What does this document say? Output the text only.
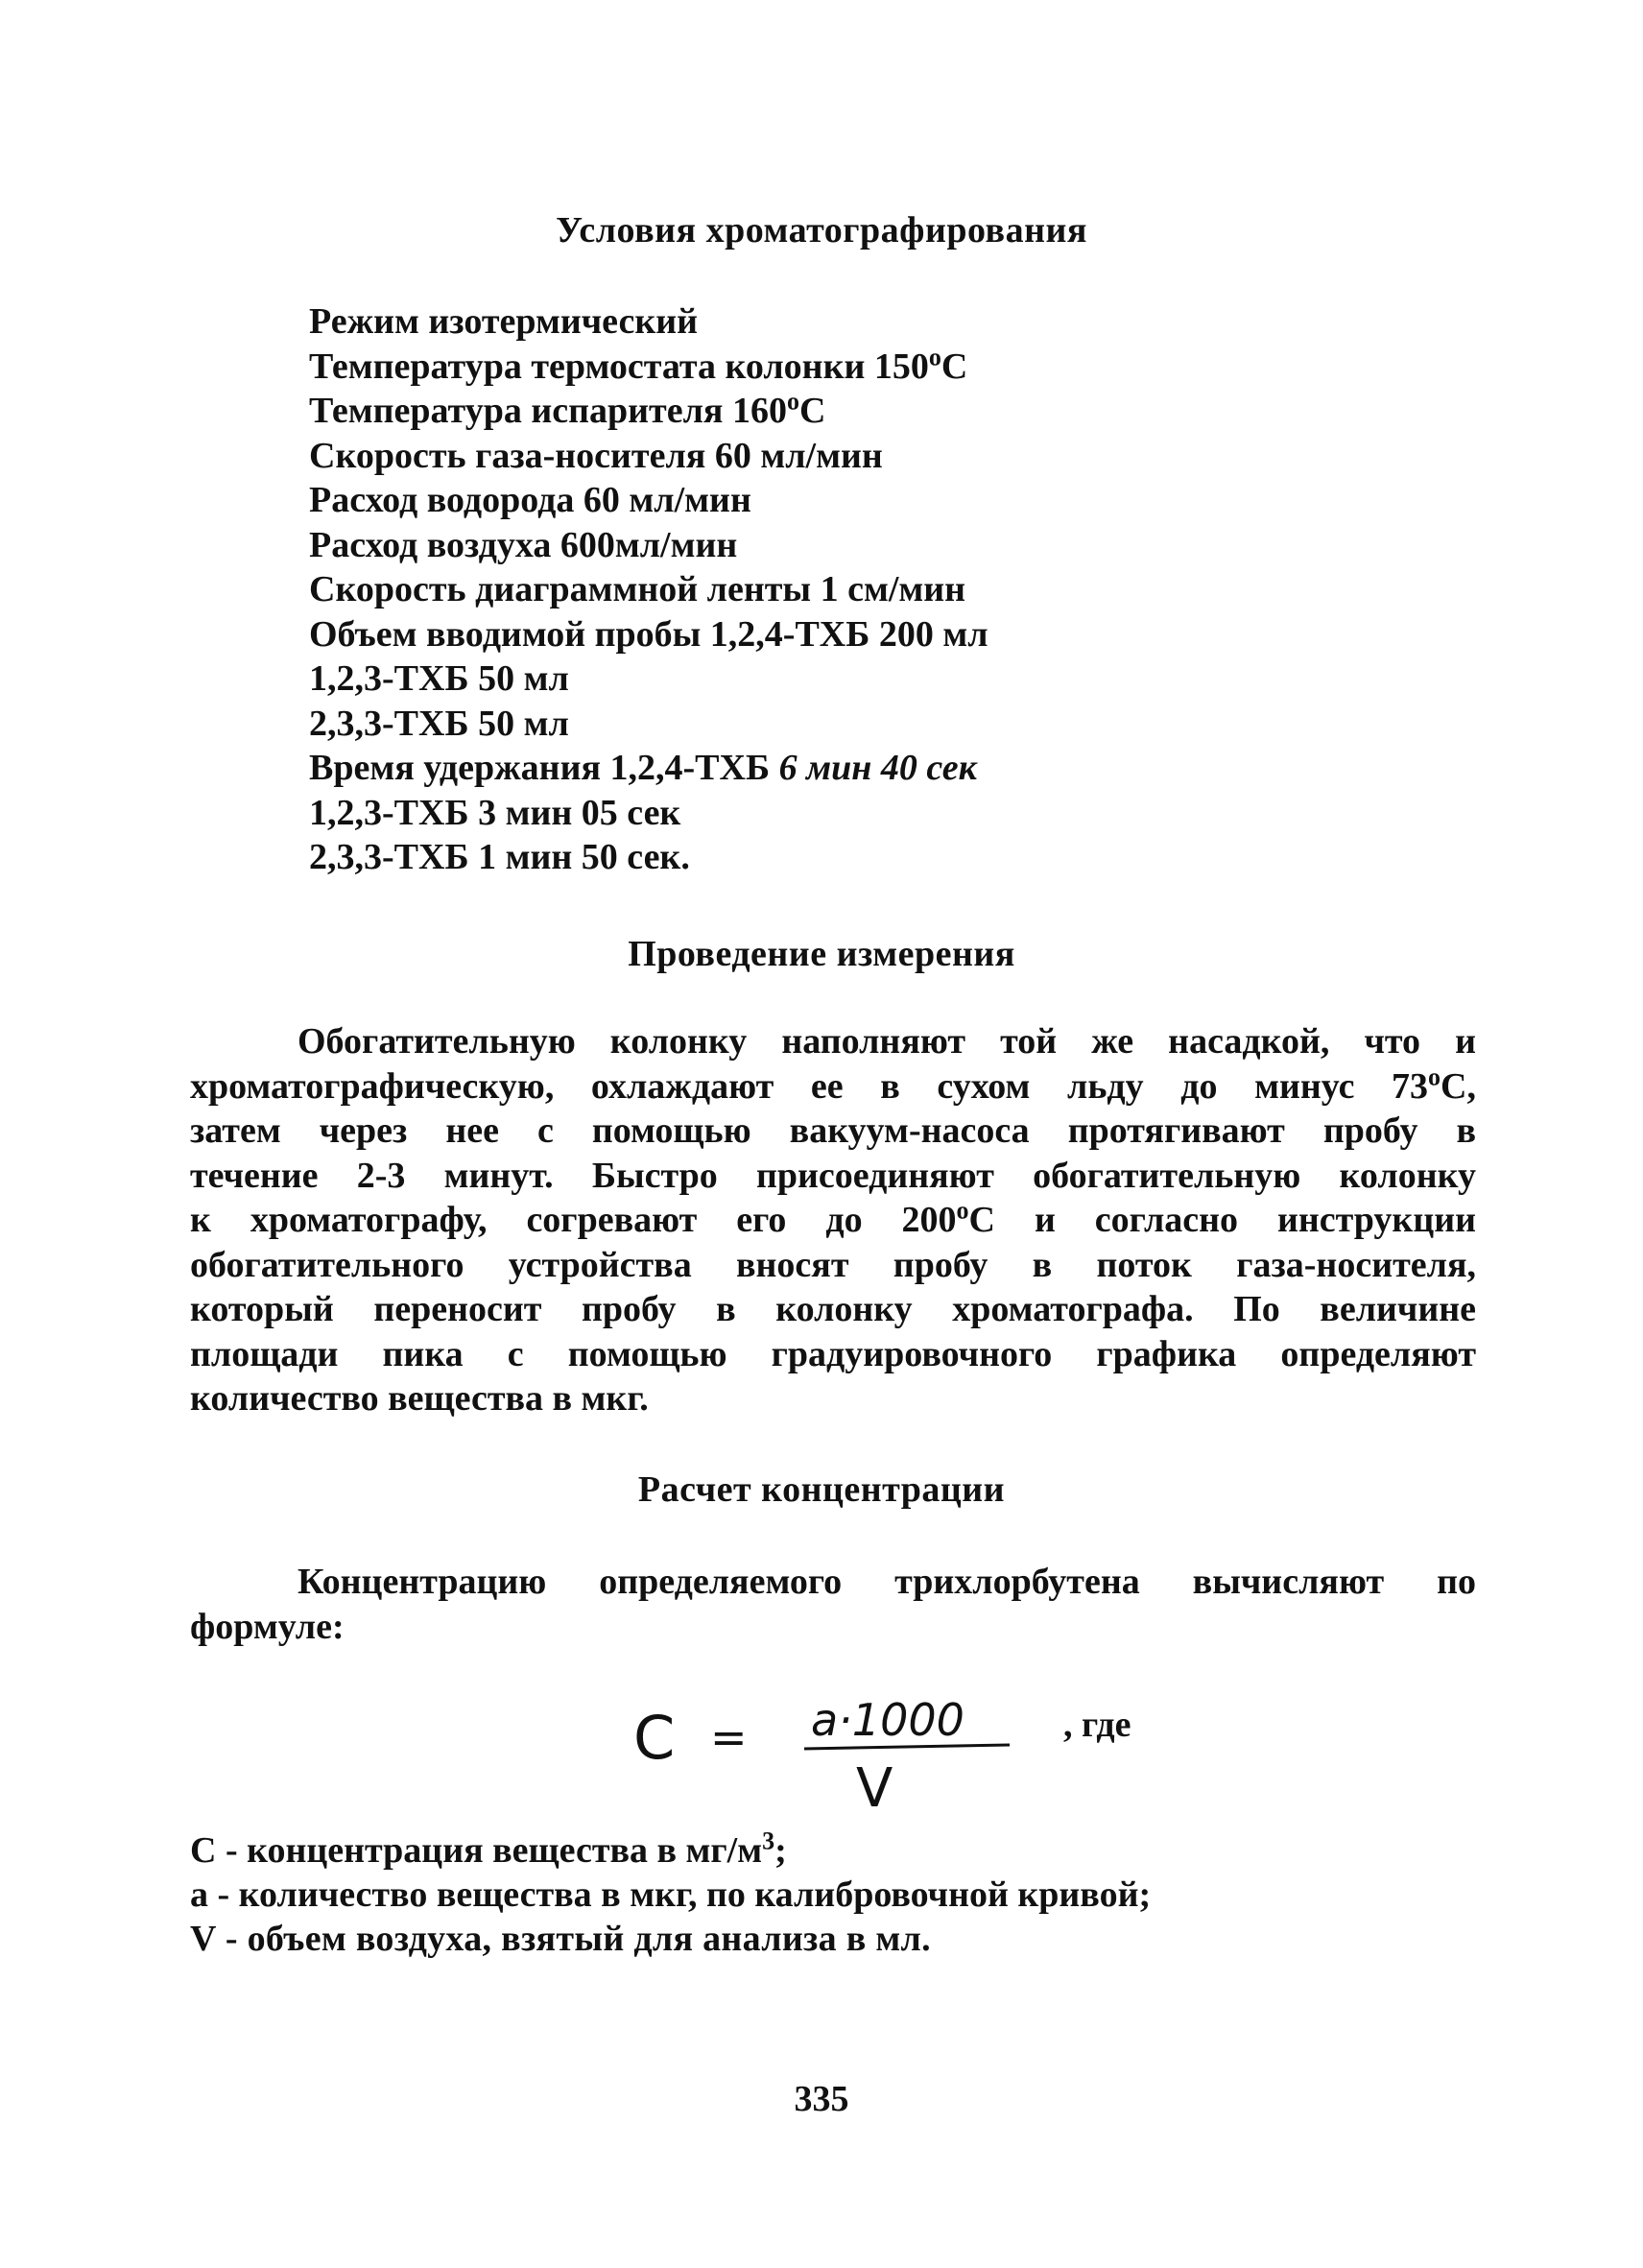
Условия хроматографирования
Режим изотермический
Температура термостата колонки $150^оС$
Температура испарителя $160^оС$
Скорость газа-носителя 60 мл/мин
Расход водорода 60 мл/мин
Расход воздуха 600мл/мин
Скорость диаграммной ленты 1 см/мин
Объем вводимой пробы 1,2,4-ТХБ 200 мл
1,2,3-ТХБ 50 мл
2,3,3-ТХБ 50 мл
Время удержания 1,2,4-ТХБ 6 мин 40 сек
1,2,3-ТХБ 3 мин 05 сек
2,3,3-ТХБ 1 мин 50 сек.
Проведение измерения
Обогатительную колонку наполняют той же насадкой, что и
хроматографическую, охлаждают ее в сухом льду до минус $73^оС$,
затем через нее с помощью вакуум-насоса протягивают пробу в
течение 2-3 минут. Быстро присоединяют обогатительную колонку
к хроматографу, согревают его до $200^оС$ и согласно инструкции
обогатительного устройства вносят пробу в поток газа-носителя,
который переносит пробу в колонку хроматографа. По величине
площади пика с помощью градуировочного графика определяют
количество вещества в мкг.
Расчет концентрации
Концентрацию определяемого трихлорбутена вычисляют по
формуле:
C = a·1000
V
, где
С - концентрация вещества в $мг/м^3$;
а - количество вещества в мкг, по калибровочной кривой;
V - объем воздуха, взятый для анализа в мл.
335
